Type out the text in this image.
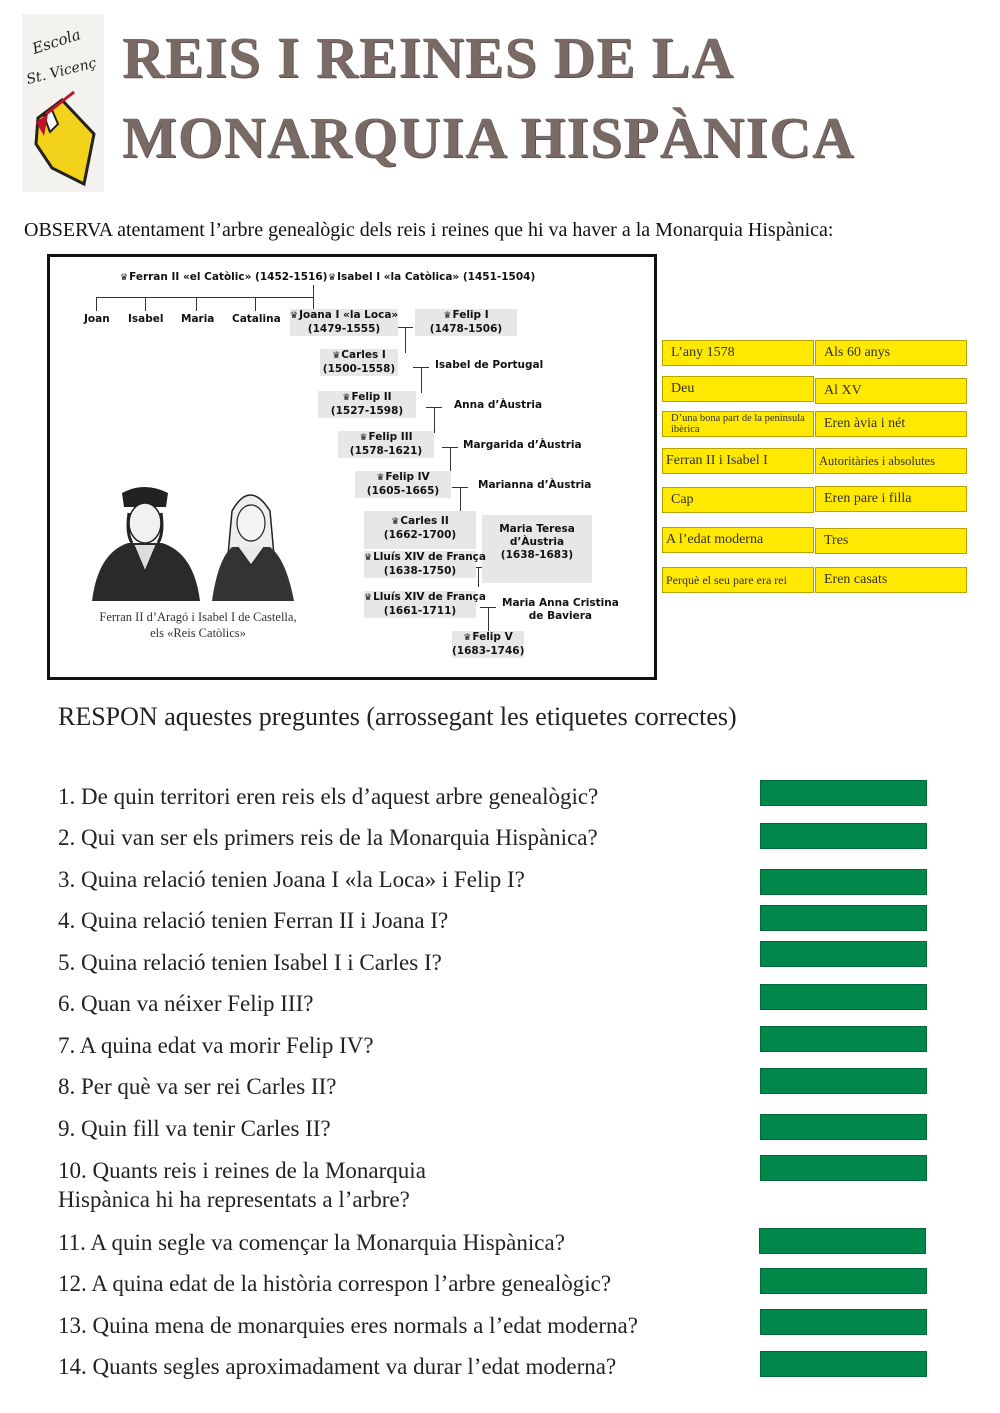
Escola
St. Vicenç REIS I REINES DE LA
MONARQUIA HISPÀNICA
OBSERVA atentament l’arbre genealògic dels reis i reines que hi va haver a la Monarquia Hispànica:
♛Ferran II «el Catòlic» (1452-1516) ♛Isabel I «la Catòlica» (1451-1504)
Joan Isabel Maria Catalina ♛Joana I «la Loca»
(1479-1555)
♛Felip I
(1478-1506)
♛Carles I
(1500-1558)	Isabel de Portugal
♛Felip II
(1527-1598)	Anna d’Àustria
♛Felip III
(1578-1621)	Margarida d’Àustria
♛Felip IV
(1605-1665)	Marianna d’Àustria
♛Carles II
(1662-1700)	Maria Teresa
d’Àustria
(1638-1683)
♛Lluís XIV de França
(1638-1750)
♛Lluís XIV de França
(1661-1711)
Maria Anna Cristina
de Baviera
♛Felip V
(1683-1746)
Ferran II d’Aragó i Isabel I de Castella,
els «Reis Catòlics»
L’any 1578	Als 60 anys
Deu	Al XV
D’una bona part de la península ibèrica	Eren àvia i nét
Ferran II i Isabel I	Autoritàries i absolutes
Cap	Eren pare i filla
A l’edat moderna	Tres
Perquè el seu pare era rei	Eren casats
RESPON aquestes preguntes (arrossegant les etiquetes correctes)
1. De quin territori eren reis els d’aquest arbre genealògic?
2. Qui van ser els primers reis de la Monarquia Hispànica?
3. Quina relació tenien Joana I «la Loca» i Felip I?
4. Quina relació tenien Ferran II i Joana I?
5. Quina relació tenien Isabel I i Carles I?
6. Quan va néixer Felip III?
7. A quina edat va morir Felip IV?
8. Per què va ser rei Carles II?
9. Quin fill va tenir Carles II?
10. Quants reis i reines de la Monarquia
Hispànica hi ha representats a l’arbre?
11. A quin segle va començar la Monarquia Hispànica?
12. A quina edat de la història correspon l’arbre genealògic?
13. Quina mena de monarquies eres normals a l’edat moderna?
14. Quants segles aproximadament va durar l’edat moderna?
